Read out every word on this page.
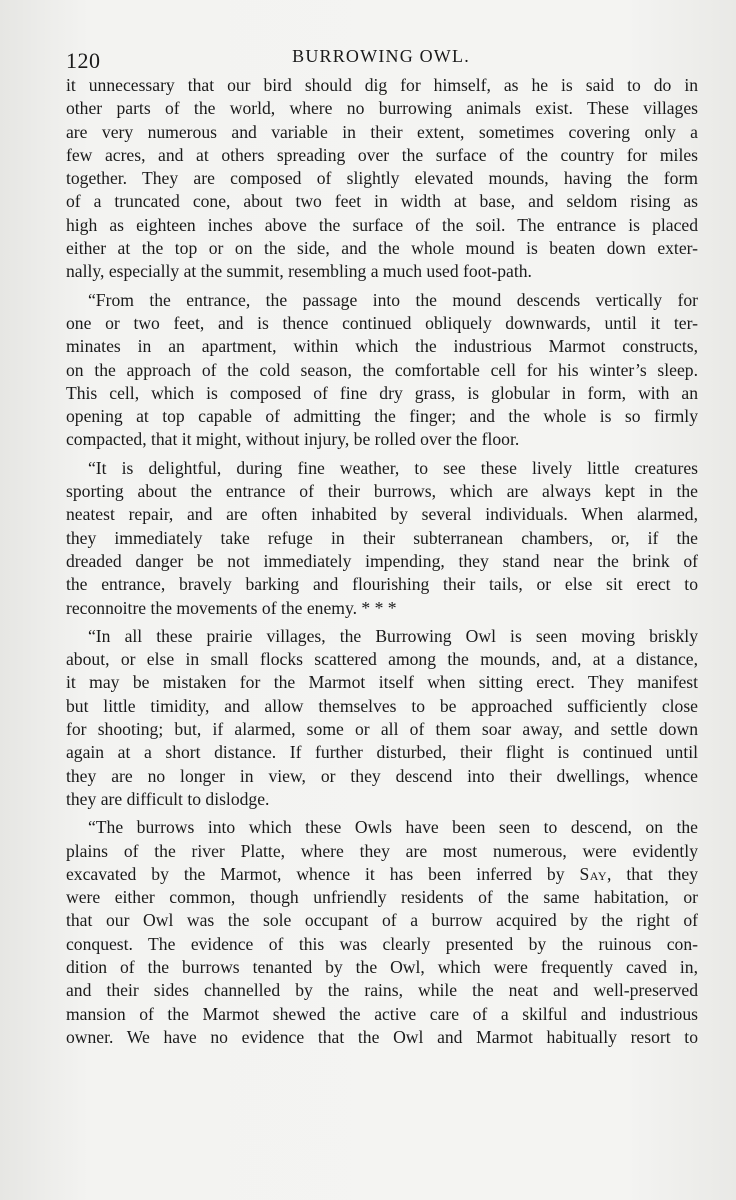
120	BURROWING OWL.
it unnecessary that our bird should dig for himself, as he is said to do in
other parts of the world, where no burrowing animals exist. These villages
are very numerous and variable in their extent, sometimes covering only a
few acres, and at others spreading over the surface of the country for miles
together. They are composed of slightly elevated mounds, having the form
of a truncated cone, about two feet in width at base, and seldom rising as
high as eighteen inches above the surface of the soil. The entrance is placed
either at the top or on the side, and the whole mound is beaten down exter-
nally, especially at the summit, resembling a much used foot-path.
“From the entrance, the passage into the mound descends vertically for
one or two feet, and is thence continued obliquely downwards, until it ter-
minates in an apartment, within which the industrious Marmot constructs,
on the approach of the cold season, the comfortable cell for his winter’s sleep.
This cell, which is composed of fine dry grass, is globular in form, with an
opening at top capable of admitting the finger; and the whole is so firmly
compacted, that it might, without injury, be rolled over the floor.
“It is delightful, during fine weather, to see these lively little creatures
sporting about the entrance of their burrows, which are always kept in the
neatest repair, and are often inhabited by several individuals. When alarmed,
they immediately take refuge in their subterranean chambers, or, if the
dreaded danger be not immediately impending, they stand near the brink of
the entrance, bravely barking and flourishing their tails, or else sit erect to
reconnoitre the movements of the enemy. * * *
“In all these prairie villages, the Burrowing Owl is seen moving briskly
about, or else in small flocks scattered among the mounds, and, at a distance,
it may be mistaken for the Marmot itself when sitting erect. They manifest
but little timidity, and allow themselves to be approached sufficiently close
for shooting; but, if alarmed, some or all of them soar away, and settle down
again at a short distance. If further disturbed, their flight is continued until
they are no longer in view, or they descend into their dwellings, whence
they are difficult to dislodge.
“The burrows into which these Owls have been seen to descend, on the
plains of the river Platte, where they are most numerous, were evidently
excavated by the Marmot, whence it has been inferred by Say, that they
were either common, though unfriendly residents of the same habitation, or
that our Owl was the sole occupant of a burrow acquired by the right of
conquest. The evidence of this was clearly presented by the ruinous con-
dition of the burrows tenanted by the Owl, which were frequently caved in,
and their sides channelled by the rains, while the neat and well-preserved
mansion of the Marmot shewed the active care of a skilful and industrious
owner. We have no evidence that the Owl and Marmot habitually resort to
